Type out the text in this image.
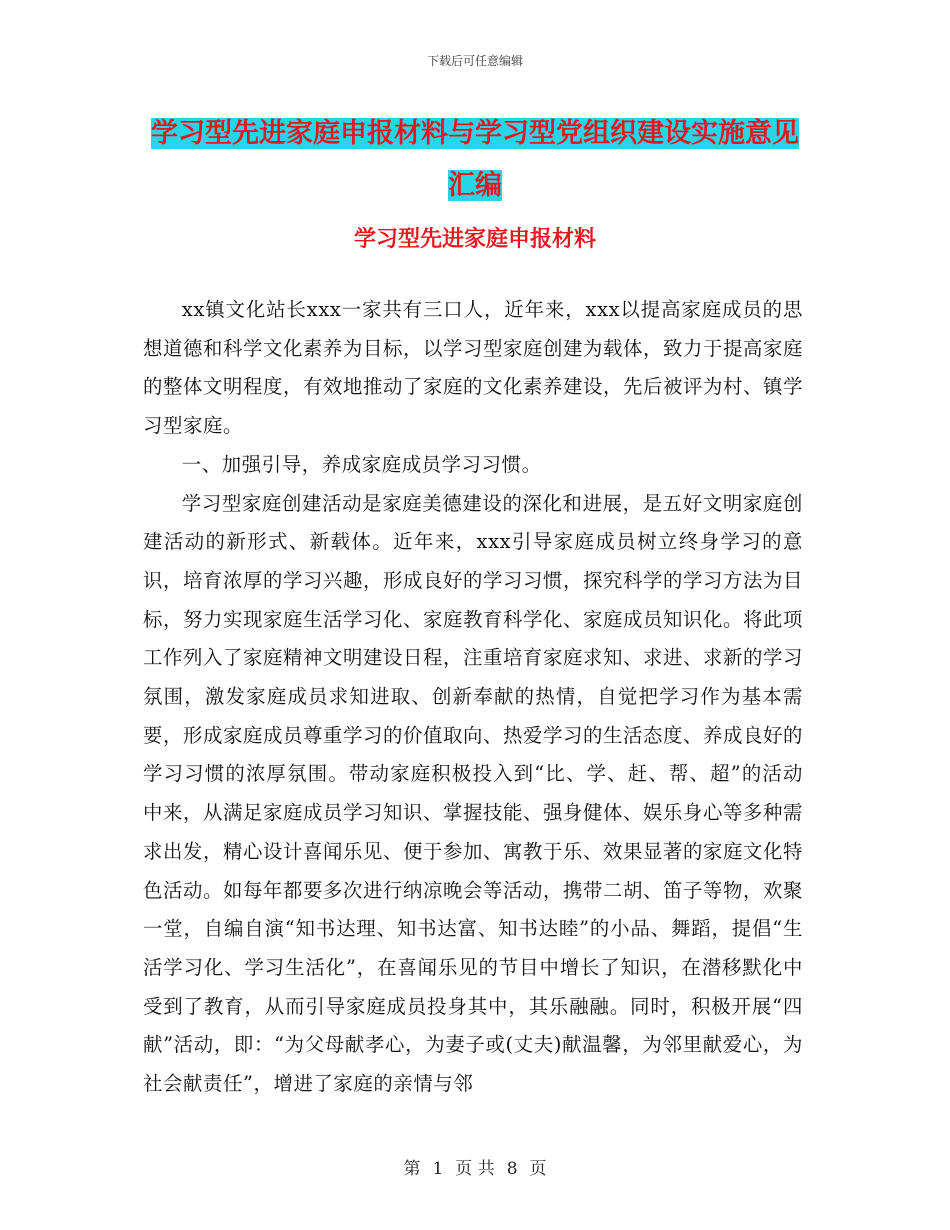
下载后可任意编辑
学习型先进家庭申报材料与学习型党组织建设实施意见汇编
学习型先进家庭申报材料

xx镇文化站长xxx一家共有三口人，近年来，xxx以提高家庭成员的思想道德和科学文化素养为目标，以学习型家庭创建为载体，致力于提高家庭的整体文明程度，有效地推动了家庭的文化素养建设，先后被评为村、镇学习型家庭。

一、加强引导，养成家庭成员学习习惯。

学习型家庭创建活动是家庭美德建设的深化和进展，是五好文明家庭创建活动的新形式、新载体。近年来，xxx引导家庭成员树立终身学习的意识，培育浓厚的学习兴趣，形成良好的学习习惯，探究科学的学习方法为目标，努力实现家庭生活学习化、家庭教育科学化、家庭成员知识化。将此项工作列入了家庭精神文明建设日程，注重培育家庭求知、求进、求新的学习氛围，激发家庭成员求知进取、创新奉献的热情，自觉把学习作为基本需要，形成家庭成员尊重学习的价值取向、热爱学习的生活态度、养成良好的学习习惯的浓厚氛围。带动家庭积极投入到“比、学、赶、帮、超”的活动中来，从满足家庭成员学习知识、掌握技能、强身健体、娱乐身心等多种需求出发，精心设计喜闻乐见、便于参加、寓教于乐、效果显著的家庭文化特色活动。如每年都要多次进行纳凉晚会等活动，携带二胡、笛子等物，欢聚一堂，自编自演“知书达理、知书达富、知书达睦”的小品、舞蹈，提倡“生活学习化、学习生活化”，在喜闻乐见的节目中增长了知识，在潜移默化中受到了教育，从而引导家庭成员投身其中，其乐融融。同时，积极开展“四献”活动，即：“为父母献孝心，为妻子或(丈夫)献温馨，为邻里献爱心，为社会献责任”，增进了家庭的亲情与邻

第 1 页 共 8 页
